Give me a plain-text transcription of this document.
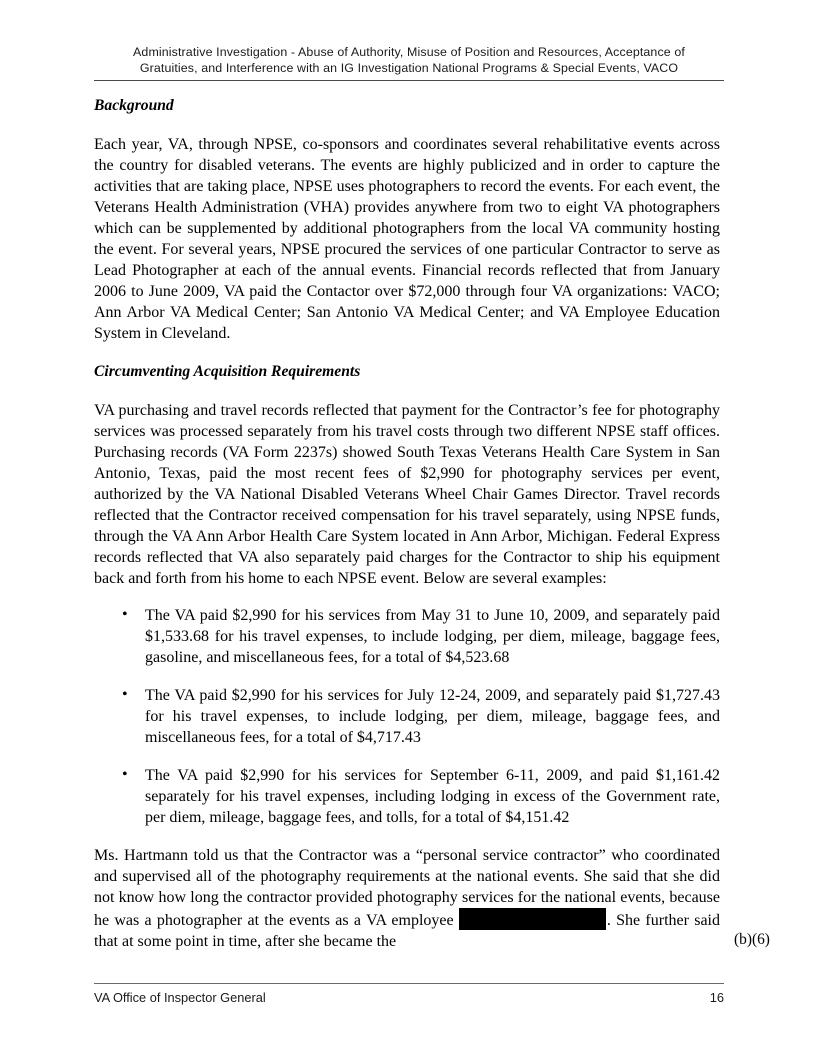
Administrative Investigation - Abuse of Authority, Misuse of Position and Resources, Acceptance of
Gratuities, and Interference with an IG Investigation National Programs & Special Events, VACO
Background

Each year, VA, through NPSE, co-sponsors and coordinates several rehabilitative events across the country for disabled veterans. The events are highly publicized and in order to capture the activities that are taking place, NPSE uses photographers to record the events. For each event, the Veterans Health Administration (VHA) provides anywhere from two to eight VA photographers which can be supplemented by additional photographers from the local VA community hosting the event. For several years, NPSE procured the services of one particular Contractor to serve as Lead Photographer at each of the annual events. Financial records reflected that from January 2006 to June 2009, VA paid the Contactor over $72,000 through four VA organizations: VACO; Ann Arbor VA Medical Center; San Antonio VA Medical Center; and VA Employee Education System in Cleveland.

Circumventing Acquisition Requirements

VA purchasing and travel records reflected that payment for the Contractor’s fee for photography services was processed separately from his travel costs through two different NPSE staff offices. Purchasing records (VA Form 2237s) showed South Texas Veterans Health Care System in San Antonio, Texas, paid the most recent fees of $2,990 for photography services per event, authorized by the VA National Disabled Veterans Wheel Chair Games Director. Travel records reflected that the Contractor received compensation for his travel separately, using NPSE funds, through the VA Ann Arbor Health Care System located in Ann Arbor, Michigan. Federal Express records reflected that VA also separately paid charges for the Contractor to ship his equipment back and forth from his home to each NPSE event. Below are several examples:

• The VA paid $2,990 for his services from May 31 to June 10, 2009, and separately paid $1,533.68 for his travel expenses, to include lodging, per diem, mileage, baggage fees, gasoline, and miscellaneous fees, for a total of $4,523.68
• The VA paid $2,990 for his services for July 12-24, 2009, and separately paid $1,727.43 for his travel expenses, to include lodging, per diem, mileage, baggage fees, and miscellaneous fees, for a total of $4,717.43
• The VA paid $2,990 for his services for September 6-11, 2009, and paid $1,161.42 separately for his travel expenses, including lodging in excess of the Government rate, per diem, mileage, baggage fees, and tolls, for a total of $4,151.42

Ms. Hartmann told us that the Contractor was a “personal service contractor” who coordinated and supervised all of the photography requirements at the national events. She said that she did not know how long the contractor provided photography services for the national events, because he was a photographer at the events as a VA employee	. She further said that at some point in time, after she became the	(b)(6)
VA Office of Inspector General	16
